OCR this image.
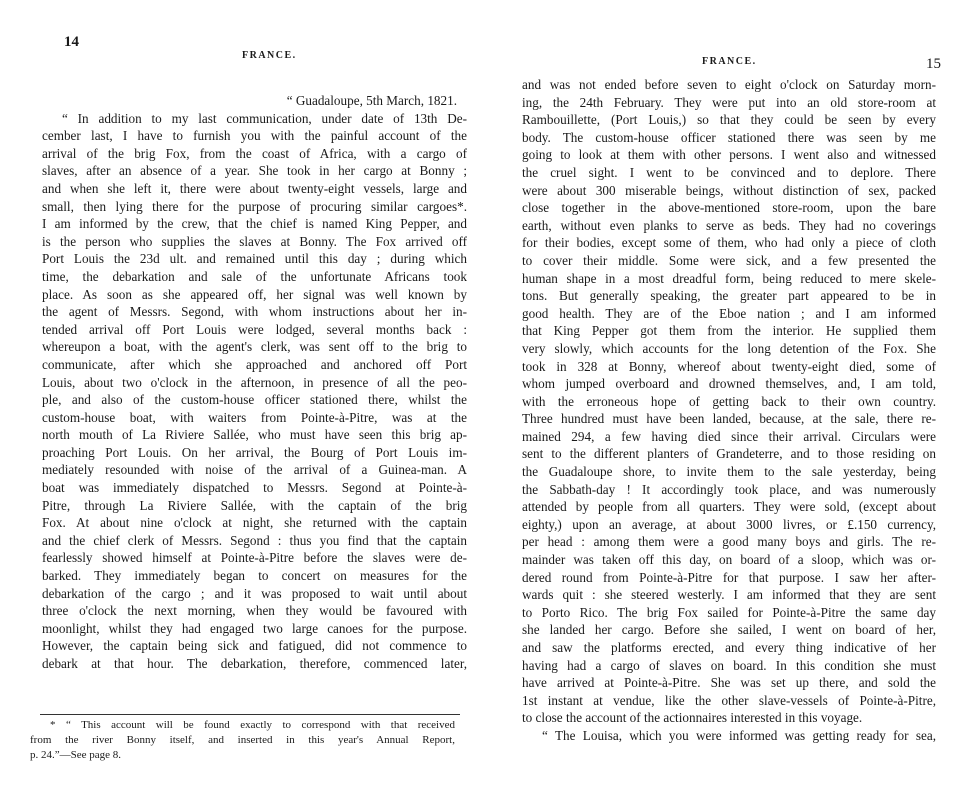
14
FRANCE.
“ Guadaloupe, 5th March, 1821.
“ In addition to my last communication, under date of 13th De-
cember last, I have to furnish you with the painful account of the
arrival of the brig Fox, from the coast of Africa, with a cargo of
slaves, after an absence of a year. She took in her cargo at Bonny ;
and when she left it, there were about twenty-eight vessels, large and
small, then lying there for the purpose of procuring similar cargoes*.
I am informed by the crew, that the chief is named King Pepper, and
is the person who supplies the slaves at Bonny. The Fox arrived off
Port Louis the 23d ult. and remained until this day ; during which
time, the debarkation and sale of the unfortunate Africans took
place. As soon as she appeared off, her signal was well known by
the agent of Messrs. Segond, with whom instructions about her in-
tended arrival off Port Louis were lodged, several months back :
whereupon a boat, with the agent's clerk, was sent off to the brig to
communicate, after which she approached and anchored off Port
Louis, about two o'clock in the afternoon, in presence of all the peo-
ple, and also of the custom-house officer stationed there, whilst the
custom-house boat, with waiters from Pointe-à-Pitre, was at the
north mouth of La Riviere Sallée, who must have seen this brig ap-
proaching Port Louis. On her arrival, the Bourg of Port Louis im-
mediately resounded with noise of the arrival of a Guinea-man. A
boat was immediately dispatched to Messrs. Segond at Pointe-à-
Pitre, through La Riviere Sallée, with the captain of the brig
Fox. At about nine o'clock at night, she returned with the captain
and the chief clerk of Messrs. Segond : thus you find that the captain
fearlessly showed himself at Pointe-à-Pitre before the slaves were de-
barked. They immediately began to concert on measures for the
debarkation of the cargo ; and it was proposed to wait until about
three o'clock the next morning, when they would be favoured with
moonlight, whilst they had engaged two large canoes for the purpose.
However, the captain being sick and fatigued, did not commence to
debark at that hour. The debarkation, therefore, commenced later,
* “ This account will be found exactly to correspond with that received
from the river Bonny itself, and inserted in this year's Annual Report,
p. 24.”—See page 8.
FRANCE.	15
and was not ended before seven to eight o'clock on Saturday morn-
ing, the 24th February. They were put into an old store-room at
Rambouillette, (Port Louis,) so that they could be seen by every
body. The custom-house officer stationed there was seen by me
going to look at them with other persons. I went also and witnessed
the cruel sight. I went to be convinced and to deplore. There
were about 300 miserable beings, without distinction of sex, packed
close together in the above-mentioned store-room, upon the bare
earth, without even planks to serve as beds. They had no coverings
for their bodies, except some of them, who had only a piece of cloth
to cover their middle. Some were sick, and a few presented the
human shape in a most dreadful form, being reduced to mere skele-
tons. But generally speaking, the greater part appeared to be in
good health. They are of the Eboe nation ; and I am informed
that King Pepper got them from the interior. He supplied them
very slowly, which accounts for the long detention of the Fox. She
took in 328 at Bonny, whereof about twenty-eight died, some of
whom jumped overboard and drowned themselves, and, I am told,
with the erroneous hope of getting back to their own country.
Three hundred must have been landed, because, at the sale, there re-
mained 294, a few having died since their arrival. Circulars were
sent to the different planters of Grandeterre, and to those residing on
the Guadaloupe shore, to invite them to the sale yesterday, being
the Sabbath-day ! It accordingly took place, and was numerously
attended by people from all quarters. They were sold, (except about
eighty,) upon an average, at about 3000 livres, or £.150 currency,
per head : among them were a good many boys and girls. The re-
mainder was taken off this day, on board of a sloop, which was or-
dered round from Pointe-à-Pitre for that purpose. I saw her after-
wards quit : she steered westerly. I am informed that they are sent
to Porto Rico. The brig Fox sailed for Pointe-à-Pitre the same day
she landed her cargo. Before she sailed, I went on board of her,
and saw the platforms erected, and every thing indicative of her
having had a cargo of slaves on board. In this condition she must
have arrived at Pointe-à-Pitre. She was set up there, and sold the
1st instant at vendue, like the other slave-vessels of Pointe-à-Pitre,
to close the account of the actionnaires interested in this voyage.
“ The Louisa, which you were informed was getting ready for sea,
